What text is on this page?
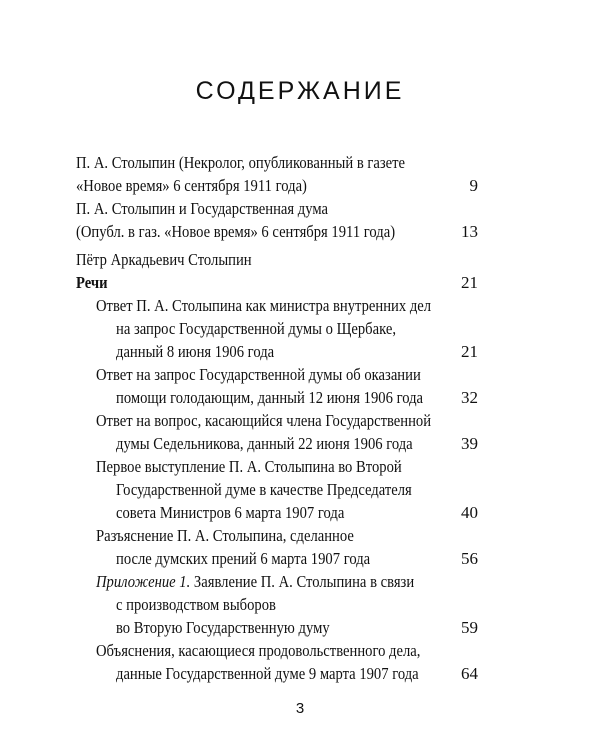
СОДЕРЖАНИЕ
П. А. Столыпин (Некролог, опубликованный в газете
«Новое время» 6 сентября 1911 года)	9
П. А. Столыпин и Государственная дума
(Опубл. в газ. «Новое время» 6 сентября 1911 года)	13
Пётр Аркадьевич Столыпин
Речи	21
Ответ П. А. Столыпина как министра внутренних дел
на запрос Государственной думы о Щербаке,
данный 8 июня 1906 года	21
Ответ на запрос Государственной думы об оказании
помощи голодающим, данный 12 июня 1906 года 32
Ответ на вопрос, касающийся члена Государственной
думы Седельникова, данный 22 июня 1906 года	39
Первое выступление П. А. Столыпина во Второй
Государственной думе в качестве Председателя
совета Министров 6 марта 1907 года	40
Разъяснение П. А. Столыпина, сделанное
после думских прений 6 марта 1907 года	56
Приложение 1. Заявление П. А. Столыпина в связи
с производством выборов
во Вторую Государственную думу	59
Объяснения, касающиеся продовольственного дела,
данные Государственной думе 9 марта 1907 года 64
3
